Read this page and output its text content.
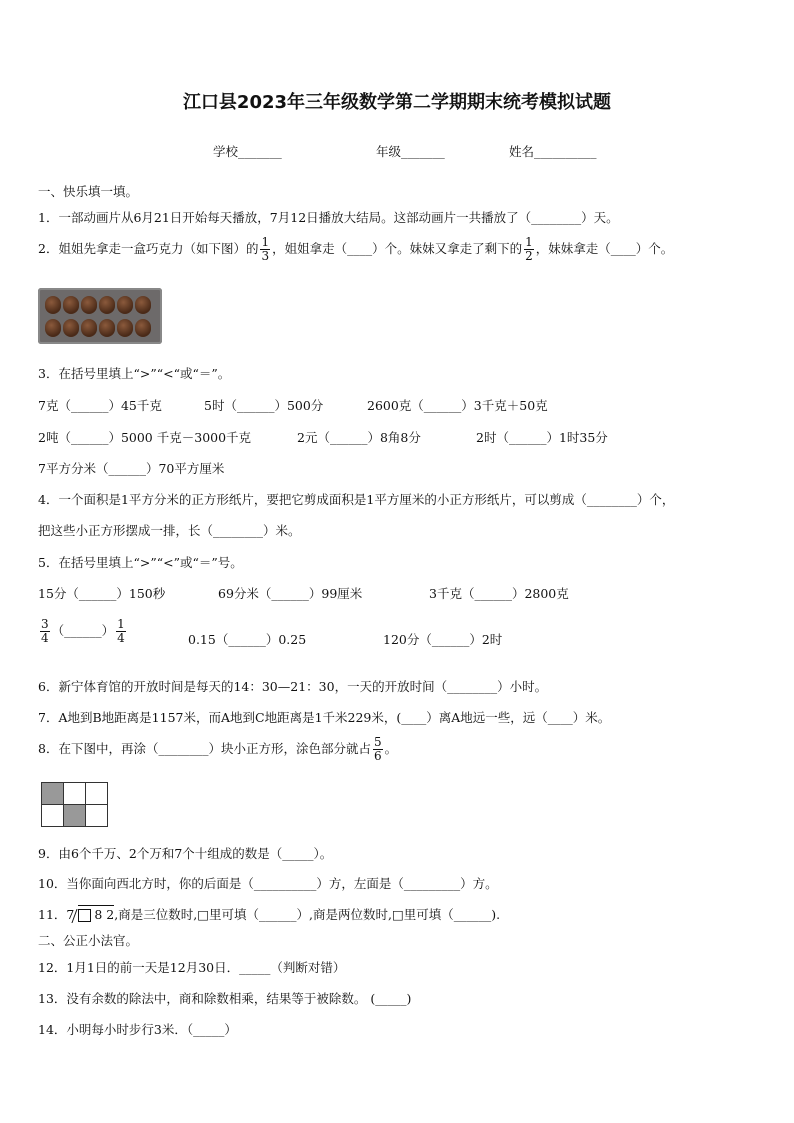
江口县2023年三年级数学第二学期期末统考模拟试题
学校_______	年级_______	姓名__________
一、快乐填一填。
1．一部动画片从6月21日开始每天播放，7月12日播放大结局。这部动画片一共播放了（________）天。
2．姐姐先拿走一盒巧克力（如下图）的 $\frac{1}{3}$ ，姐姐拿走（____）个。妹妹又拿走了剩下的 $\frac{1}{2}$ ，妹妹拿走（____）个。
3．在括号里填上“>”“<“或“＝”。
7克（______）45千克	5时（______）500分	2600克（______）3千克＋50克
2吨（______）5000 千克－3000千克	2元（______）8角8分	2时（______）1时35分
7平方分米（______）70平方厘米
4．一个面积是1平方分米的正方形纸片，要把它剪成面积是1平方厘米的小正方形纸片，可以剪成（________）个，
把这些小正方形摆成一排，长（________）米。
5．在括号里填上“>”“<”或“＝”号。
15分（______）150秒	69分米（______）99厘米	3千克（______）2800克
$\frac{3}{4}$ （______） $\frac{1}{4}$	0.15（______）0.25	120分（______）2时
6．新宁体育馆的开放时间是每天的14：30—21：30，一天的开放时间（________）小时。
7．A地到B地距离是1157米，而A地到C地距离是1千米229米，(____）离A地远一些，远（____）米。
8．在下图中，再涂（________）块小正方形，涂色部分就占 $\frac{5}{6}$ 。
9．由6个千万、2个万和7个十组成的数是（_____）。
10．当你面向西北方时，你的后面是（__________）方，左面是（_________）方。
11．7 8 2,商是三位数时,□里可填（______）,商是两位数时,□里可填（______).
二、公正小法官。
12．1月1日的前一天是12月30日．_____（判断对错）
13．没有余数的除法中，商和除数相乘，结果等于被除数。 (_____)
14．小明每小时步行3米．（_____）
